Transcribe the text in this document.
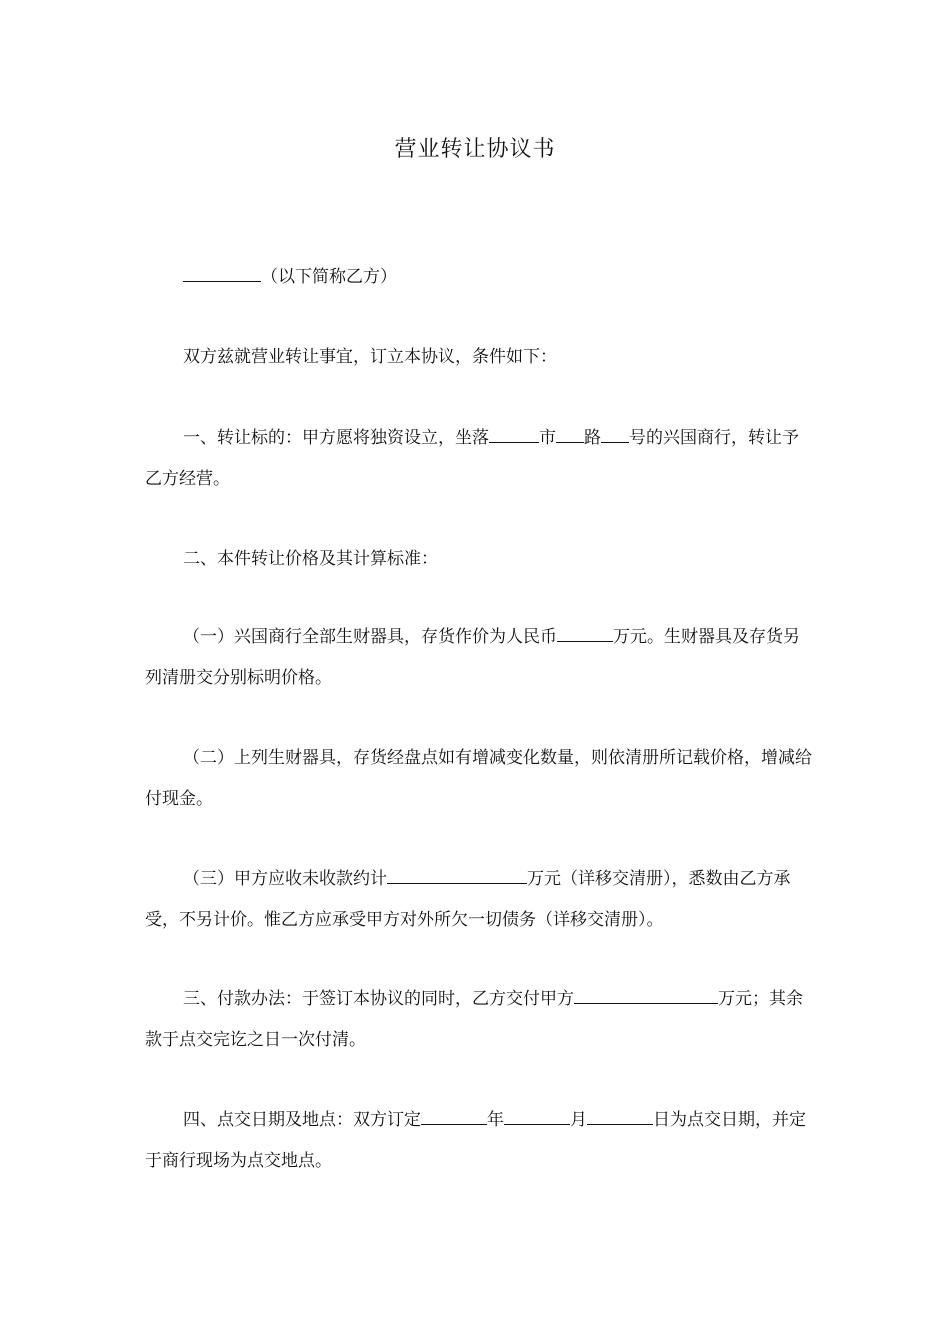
营业转让协议书

（以下简称乙方）

双方兹就营业转让事宜，订立本协议，条件如下：

一、转让标的：甲方愿将独资设立，坐落	市 路 号的兴国商行，转让予乙方经营。

二、本件转让价格及其计算标准：

（一）兴国商行全部生财器具，存货作价为人民币	万元。生财器具及存货另列清册交分别标明价格。

（二）上列生财器具，存货经盘点如有增减变化数量，则依清册所记载价格，增减给付现金。

（三）甲方应收未收款约计	万元（详移交清册），悉数由乙方承受，不另计价。惟乙方应承受甲方对外所欠一切债务（详移交清册）。

三、付款办法：于签订本协议的同时，乙方交付甲方	万元；其余款于点交完讫之日一次付清。

四、点交日期及地点：双方订定	年	月	日为点交日期，并定于商行现场为点交地点。
